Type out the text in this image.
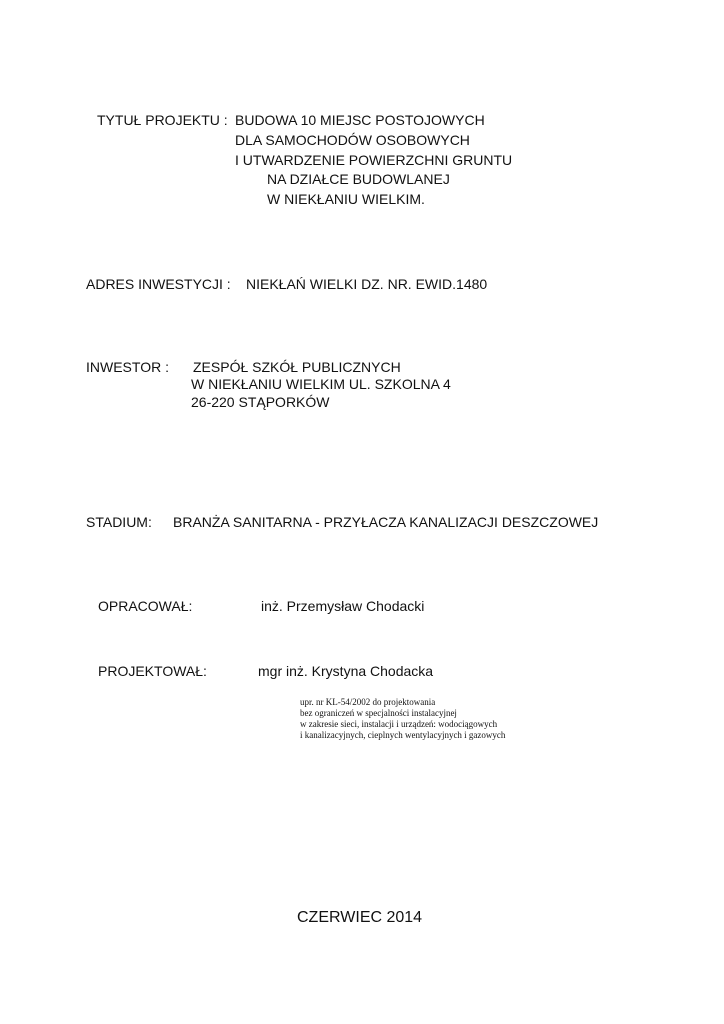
TYTUŁ PROJEKTU : BUDOWA 10 MIEJSC POSTOJOWYCH
DLA SAMOCHODÓW OSOBOWYCH
I UTWARDZENIE POWIERZCHNI GRUNTU
NA DZIAŁCE BUDOWLANEJ
W NIEKŁANIU WIELKIM.
ADRES INWESTYCJI : NIEKŁAŃ WIELKI DZ. NR. EWID.1480
INWESTOR : ZESPÓŁ SZKÓŁ PUBLICZNYCH
W NIEKŁANIU WIELKIM UL. SZKOLNA 4
26-220 STĄPORKÓW
STADIUM: BRANŻA SANITARNA - PRZYŁACZA KANALIZACJI DESZCZOWEJ
OPRACOWAŁ:	inż. Przemysław Chodacki
PROJEKTOWAŁ:	mgr inż. Krystyna Chodacka
upr. nr KL-54/2002 do projektowania
bez ograniczeń w specjalności instalacyjnej
w zakresie sieci, instalacji i urządzeń: wodociągowych
i kanalizacyjnych, cieplnych wentylacyjnych i gazowych
CZERWIEC 2014
